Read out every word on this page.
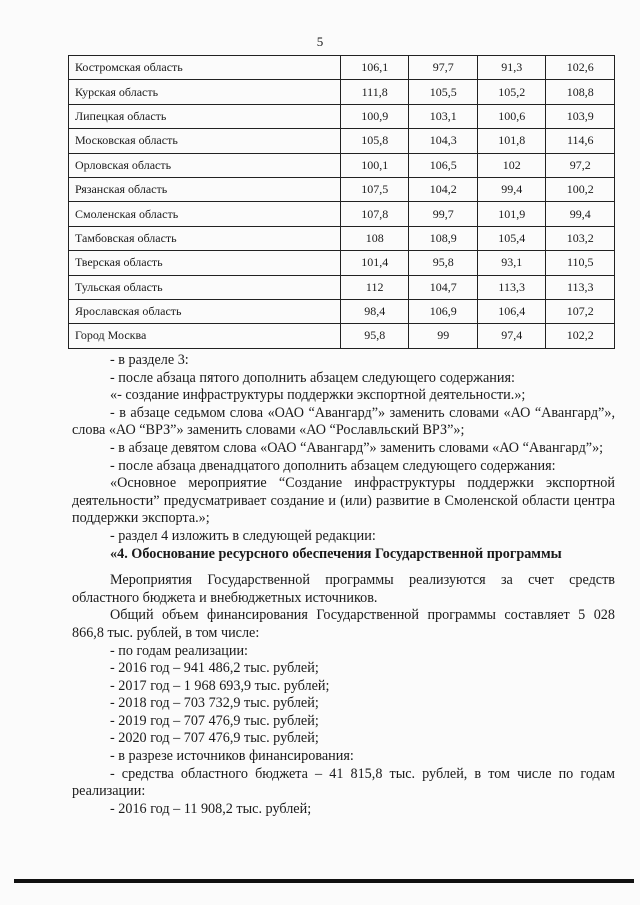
5
Костромская область	106,1	97,7	91,3	102,6
Курская область	111,8	105,5	105,2	108,8
Липецкая область	100,9	103,1	100,6	103,9
Московская область	105,8	104,3	101,8	114,6
Орловская область	100,1	106,5	102	97,2
Рязанская область	107,5	104,2	99,4	100,2
Смоленская область	107,8	99,7	101,9	99,4
Тамбовская область	108	108,9	105,4	103,2
Тверская область	101,4	95,8	93,1	110,5
Тульская область	112	104,7	113,3	113,3
Ярославская область	98,4	106,9	106,4	107,2
Город Москва	95,8	99	97,4	102,2

- в разделе 3:

- после абзаца пятого дополнить абзацем следующего содержания:

«- создание инфраструктуры поддержки экспортной деятельности.»;

- в абзаце седьмом слова «ОАО “Авангард”» заменить словами «АО “Авангард”», слова «АО “ВРЗ”» заменить словами «АО “Рославльский ВРЗ”»;

- в абзаце девятом слова «ОАО “Авангард”» заменить словами «АО “Авангард”»;

- после абзаца двенадцатого дополнить абзацем следующего содержания:

«Основное мероприятие “Создание инфраструктуры поддержки экспортной деятельности” предусматривает создание и (или) развитие в Смоленской области центра поддержки экспорта.»;

- раздел 4 изложить в следующей редакции:

«4. Обоснование ресурсного обеспечения Государственной программы

Мероприятия Государственной программы реализуются за счет средств областного бюджета и внебюджетных источников.

Общий объем финансирования Государственной программы составляет 5 028 866,8 тыс. рублей, в том числе:

- по годам реализации:

- 2016 год – 941 486,2 тыс. рублей;

- 2017 год – 1 968 693,9 тыс. рублей;

- 2018 год – 703 732,9 тыс. рублей;

- 2019 год – 707 476,9 тыс. рублей;

- 2020 год – 707 476,9 тыс. рублей;

- в разрезе источников финансирования:

- средства областного бюджета – 41 815,8 тыс. рублей, в том числе по годам реализации:

- 2016 год – 11 908,2 тыс. рублей;
